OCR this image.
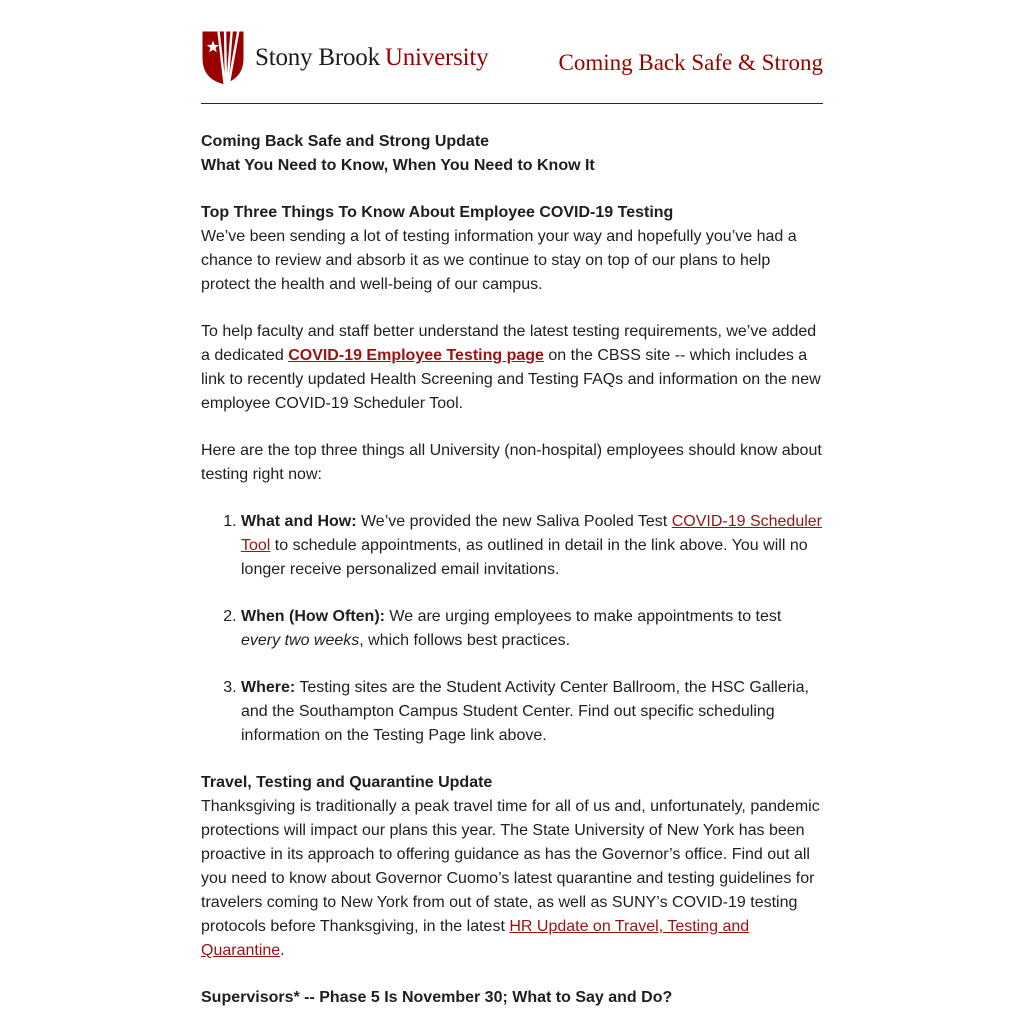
Stony Brook University	Coming Back Safe & Strong
Coming Back Safe and Strong Update
What You Need to Know, When You Need to Know It
Top Three Things To Know About Employee COVID-19 Testing

We’ve been sending a lot of testing information your way and hopefully you’ve had a chance to review and absorb it as we continue to stay on top of our plans to help protect the health and well-being of our campus.

To help faculty and staff better understand the latest testing requirements, we’ve added a dedicated COVID-19 Employee Testing page on the CBSS site -- which includes a link to recently updated Health Screening and Testing FAQs and information on the new employee COVID-19 Scheduler Tool.

Here are the top three things all University (non-hospital) employees should know about testing right now:

1. What and How: We’ve provided the new Saliva Pooled Test COVID-19 Scheduler Tool to schedule appointments, as outlined in detail in the link above. You will no longer receive personalized email invitations.
2. When (How Often): We are urging employees to make appointments to test every two weeks, which follows best practices.
3. Where: Testing sites are the Student Activity Center Ballroom, the HSC Galleria, and the Southampton Campus Student Center. Find out specific scheduling information on the Testing Page link above.
Travel, Testing and Quarantine Update

Thanksgiving is traditionally a peak travel time for all of us and, unfortunately, pandemic protections will impact our plans this year. The State University of New York has been proactive in its approach to offering guidance as has the Governor’s office. Find out all you need to know about Governor Cuomo’s latest quarantine and testing guidelines for travelers coming to New York from out of state, as well as SUNY’s COVID-19 testing protocols before Thanksgiving, in the latest HR Update on Travel, Testing and Quarantine.

Supervisors* -- Phase 5 Is November 30; What to Say and Do?
